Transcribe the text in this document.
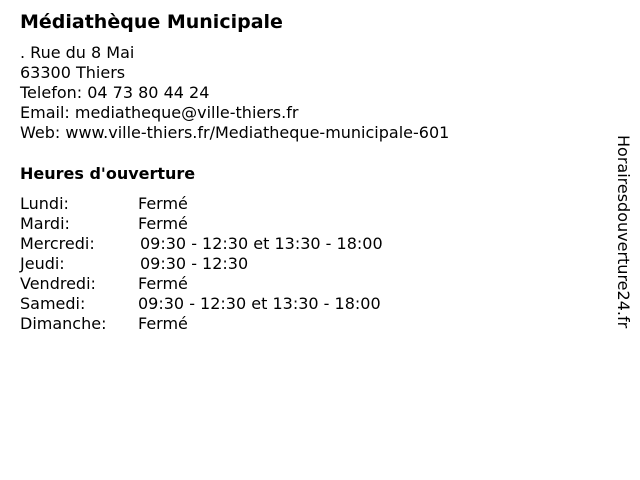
Médiathèque Municipale
. Rue du 8 Mai
63300 Thiers
Telefon: 04 73 80 44 24
Email: mediatheque@ville-thiers.fr
Web: www.ville-thiers.fr/Mediatheque-municipale-601
Heures d'ouverture
Lundi:	Fermé
Mardi:	Fermé
Mercredi:	09:30 - 12:30 et 13:30 - 18:00
Jeudi:	09:30 - 12:30
Vendredi:	Fermé
Samedi:	09:30 - 12:30 et 13:30 - 18:00
Dimanche:	Fermé	Horairesdouverture24.fr
